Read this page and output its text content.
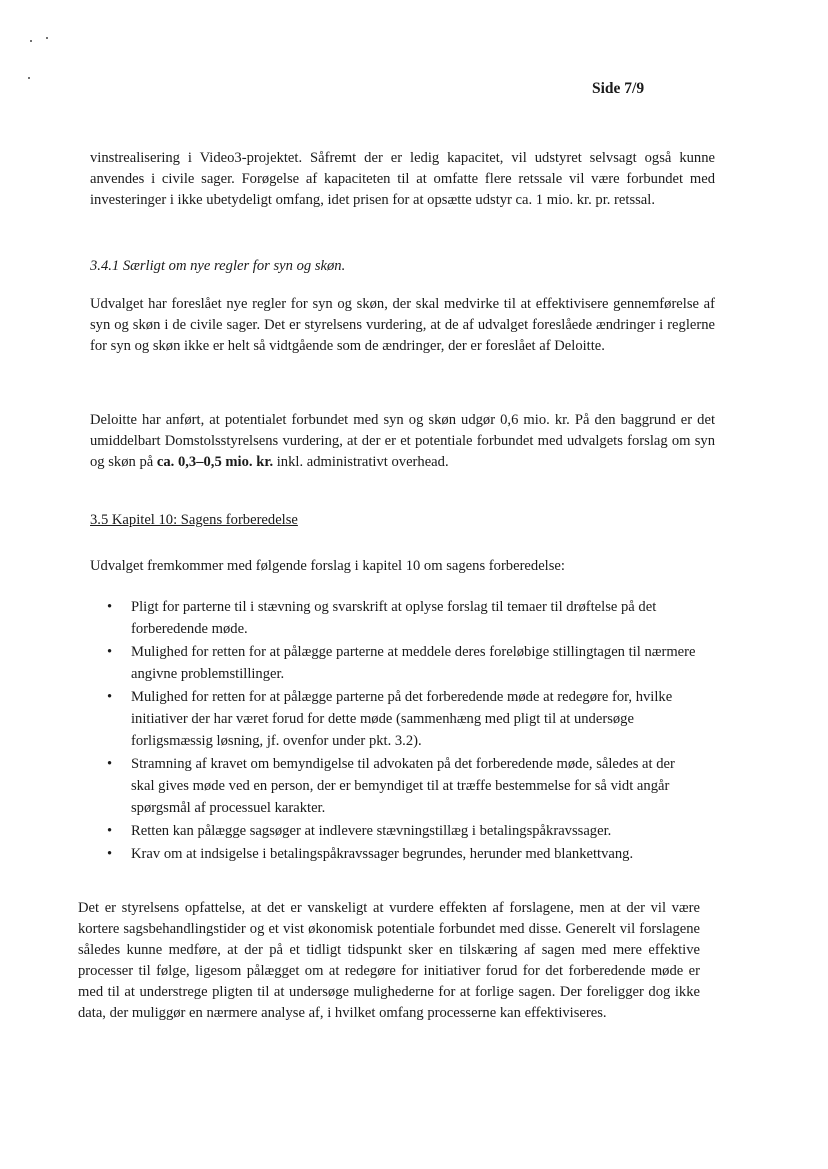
Side 7/9

vinstrealisering i Video3-projektet. Såfremt der er ledig kapacitet, vil udstyret selvsagt også kunne anvendes i civile sager. Forøgelse af kapaciteten til at omfatte flere retssale vil være forbundet med investeringer i ikke ubetydeligt omfang, idet prisen for at opsætte udstyr ca. 1 mio. kr. pr. retssal.

3.4.1 Særligt om nye regler for syn og skøn.

Udvalget har foreslået nye regler for syn og skøn, der skal medvirke til at effektivisere gennemførelse af syn og skøn i de civile sager. Det er styrelsens vurdering, at de af udvalget foreslåede ændringer i reglerne for syn og skøn ikke er helt så vidtgående som de ændringer, der er foreslået af Deloitte.

Deloitte har anført, at potentialet forbundet med syn og skøn udgør 0,6 mio. kr. På den baggrund er det umiddelbart Domstolsstyrelsens vurdering, at der er et potentiale forbundet med udvalgets forslag om syn og skøn på ca. 0,3–0,5 mio. kr. inkl. administrativt overhead.

3.5 Kapitel 10: Sagens forberedelse

Udvalget fremkommer med følgende forslag i kapitel 10 om sagens forberedelse:

• Pligt for parterne til i stævning og svarskrift at oplyse forslag til temaer til drøftelse på det forberedende møde.
• Mulighed for retten for at pålægge parterne at meddele deres foreløbige stillingtagen til nærmere angivne problemstillinger.
• Mulighed for retten for at pålægge parterne på det forberedende møde at redegøre for, hvilke initiativer der har været forud for dette møde (sammenhæng med pligt til at undersøge forligsmæssig løsning, jf. ovenfor under pkt. 3.2).
• Stramning af kravet om bemyndigelse til advokaten på det forberedende møde, således at der skal gives møde ved en person, der er bemyndiget til at træffe bestemmelse for så vidt angår spørgsmål af processuel karakter.
• Retten kan pålægge sagsøger at indlevere stævningstillæg i betalingspåkravssager.
• Krav om at indsigelse i betalingspåkravssager begrundes, herunder med blankettvang.

Det er styrelsens opfattelse, at det er vanskeligt at vurdere effekten af forslagene, men at der vil være kortere sagsbehandlingstider og et vist økonomisk potentiale forbundet med disse. Generelt vil forslagene således kunne medføre, at der på et tidligt tidspunkt sker en tilskæring af sagen med mere effektive processer til følge, ligesom pålægget om at redegøre for initiativer forud for det forberedende møde er med til at understrege pligten til at undersøge mulighederne for at forlige sagen. Der foreligger dog ikke data, der muliggør en nærmere analyse af, i hvilket omfang processerne kan effektiviseres.
